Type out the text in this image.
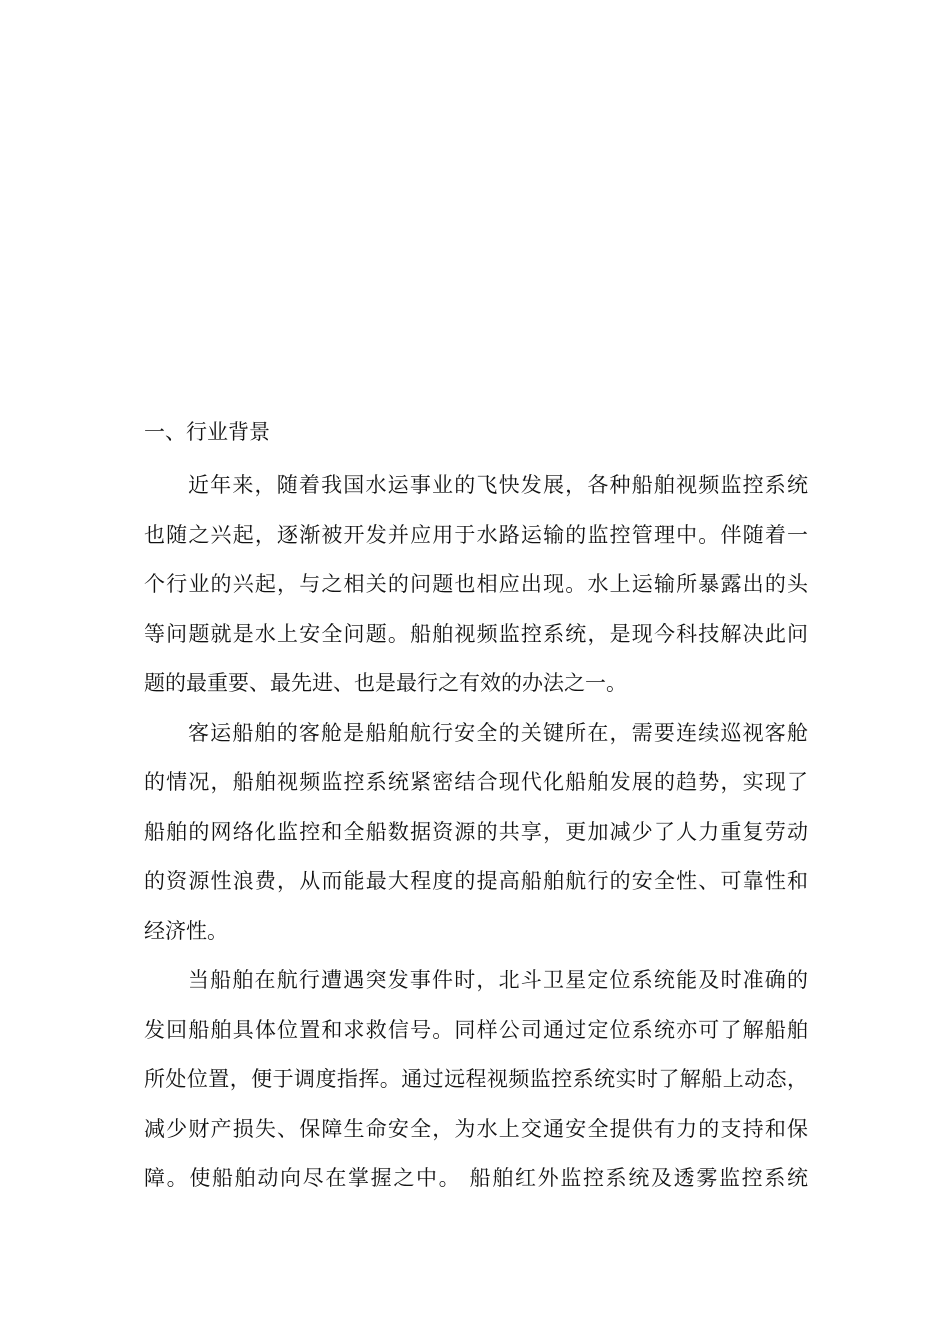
一、行业背景
近年来，随着我国水运事业的飞快发展，各种船舶视频监控系统
也随之兴起，逐渐被开发并应用于水路运输的监控管理中。伴随着一
个行业的兴起，与之相关的问题也相应出现。水上运输所暴露出的头
等问题就是水上安全问题。船舶视频监控系统，是现今科技解决此问
题的最重要、最先进、也是最行之有效的办法之一。
客运船舶的客舱是船舶航行安全的关键所在，需要连续巡视客舱
的情况，船舶视频监控系统紧密结合现代化船舶发展的趋势，实现了
船舶的网络化监控和全船数据资源的共享，更加减少了人力重复劳动
的资源性浪费，从而能最大程度的提高船舶航行的安全性、可靠性和
经济性。
当船舶在航行遭遇突发事件时，北斗卫星定位系统能及时准确的
发回船舶具体位置和求救信号。同样公司通过定位系统亦可了解船舶
所处位置，便于调度指挥。通过远程视频监控系统实时了解船上动态，
减少财产损失、保障生命安全，为水上交通安全提供有力的支持和保
障。使船舶动向尽在掌握之中。 船舶红外监控系统及透雾监控系统
